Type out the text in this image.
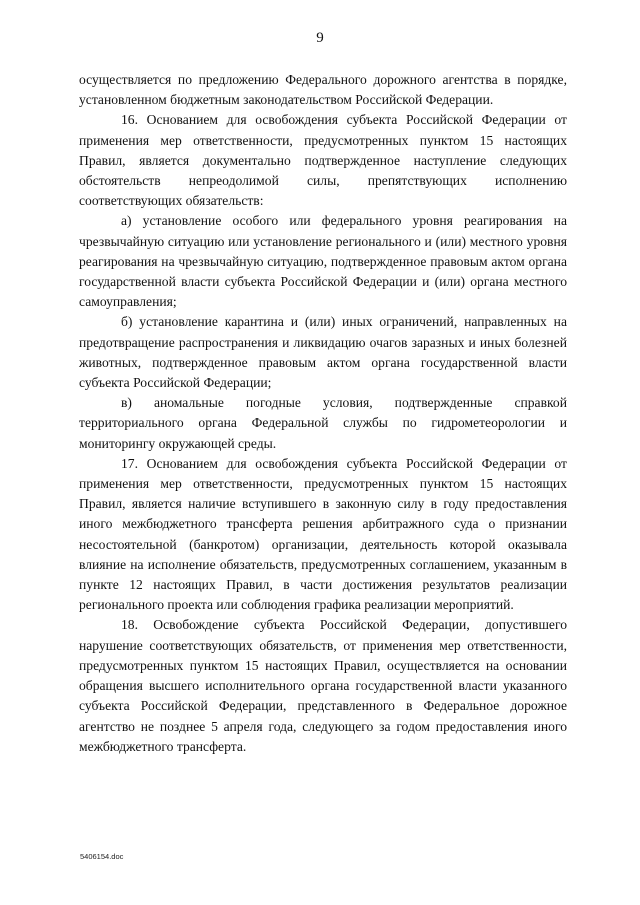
9

осуществляется по предложению Федерального дорожного агентства в порядке, установленном бюджетным законодательством Российской Федерации.

16. Основанием для освобождения субъекта Российской Федерации от применения мер ответственности, предусмотренных пунктом 15 настоящих Правил, является документально подтвержденное наступление следующих обстоятельств непреодолимой силы, препятствующих исполнению соответствующих обязательств:

а) установление особого или федерального уровня реагирования на чрезвычайную ситуацию или установление регионального и (или) местного уровня реагирования на чрезвычайную ситуацию, подтвержденное правовым актом органа государственной власти субъекта Российской Федерации и (или) органа местного самоуправления;

б) установление карантина и (или) иных ограничений, направленных на предотвращение распространения и ликвидацию очагов заразных и иных болезней животных, подтвержденное правовым актом органа государственной власти субъекта Российской Федерации;

в) аномальные погодные условия, подтвержденные справкой территориального органа Федеральной службы по гидрометеорологии и мониторингу окружающей среды.

17. Основанием для освобождения субъекта Российской Федерации от применения мер ответственности, предусмотренных пунктом 15 настоящих Правил, является наличие вступившего в законную силу в году предоставления иного межбюджетного трансферта решения арбитражного суда о признании несостоятельной (банкротом) организации, деятельность которой оказывала влияние на исполнение обязательств, предусмотренных соглашением, указанным в пункте 12 настоящих Правил, в части достижения результатов реализации регионального проекта или соблюдения графика реализации мероприятий.

18. Освобождение субъекта Российской Федерации, допустившего нарушение соответствующих обязательств, от применения мер ответственности, предусмотренных пунктом 15 настоящих Правил, осуществляется на основании обращения высшего исполнительного органа государственной власти указанного субъекта Российской Федерации, представленного в Федеральное дорожное агентство не позднее 5 апреля года, следующего за годом предоставления иного межбюджетного трансферта.

5406154.doc
